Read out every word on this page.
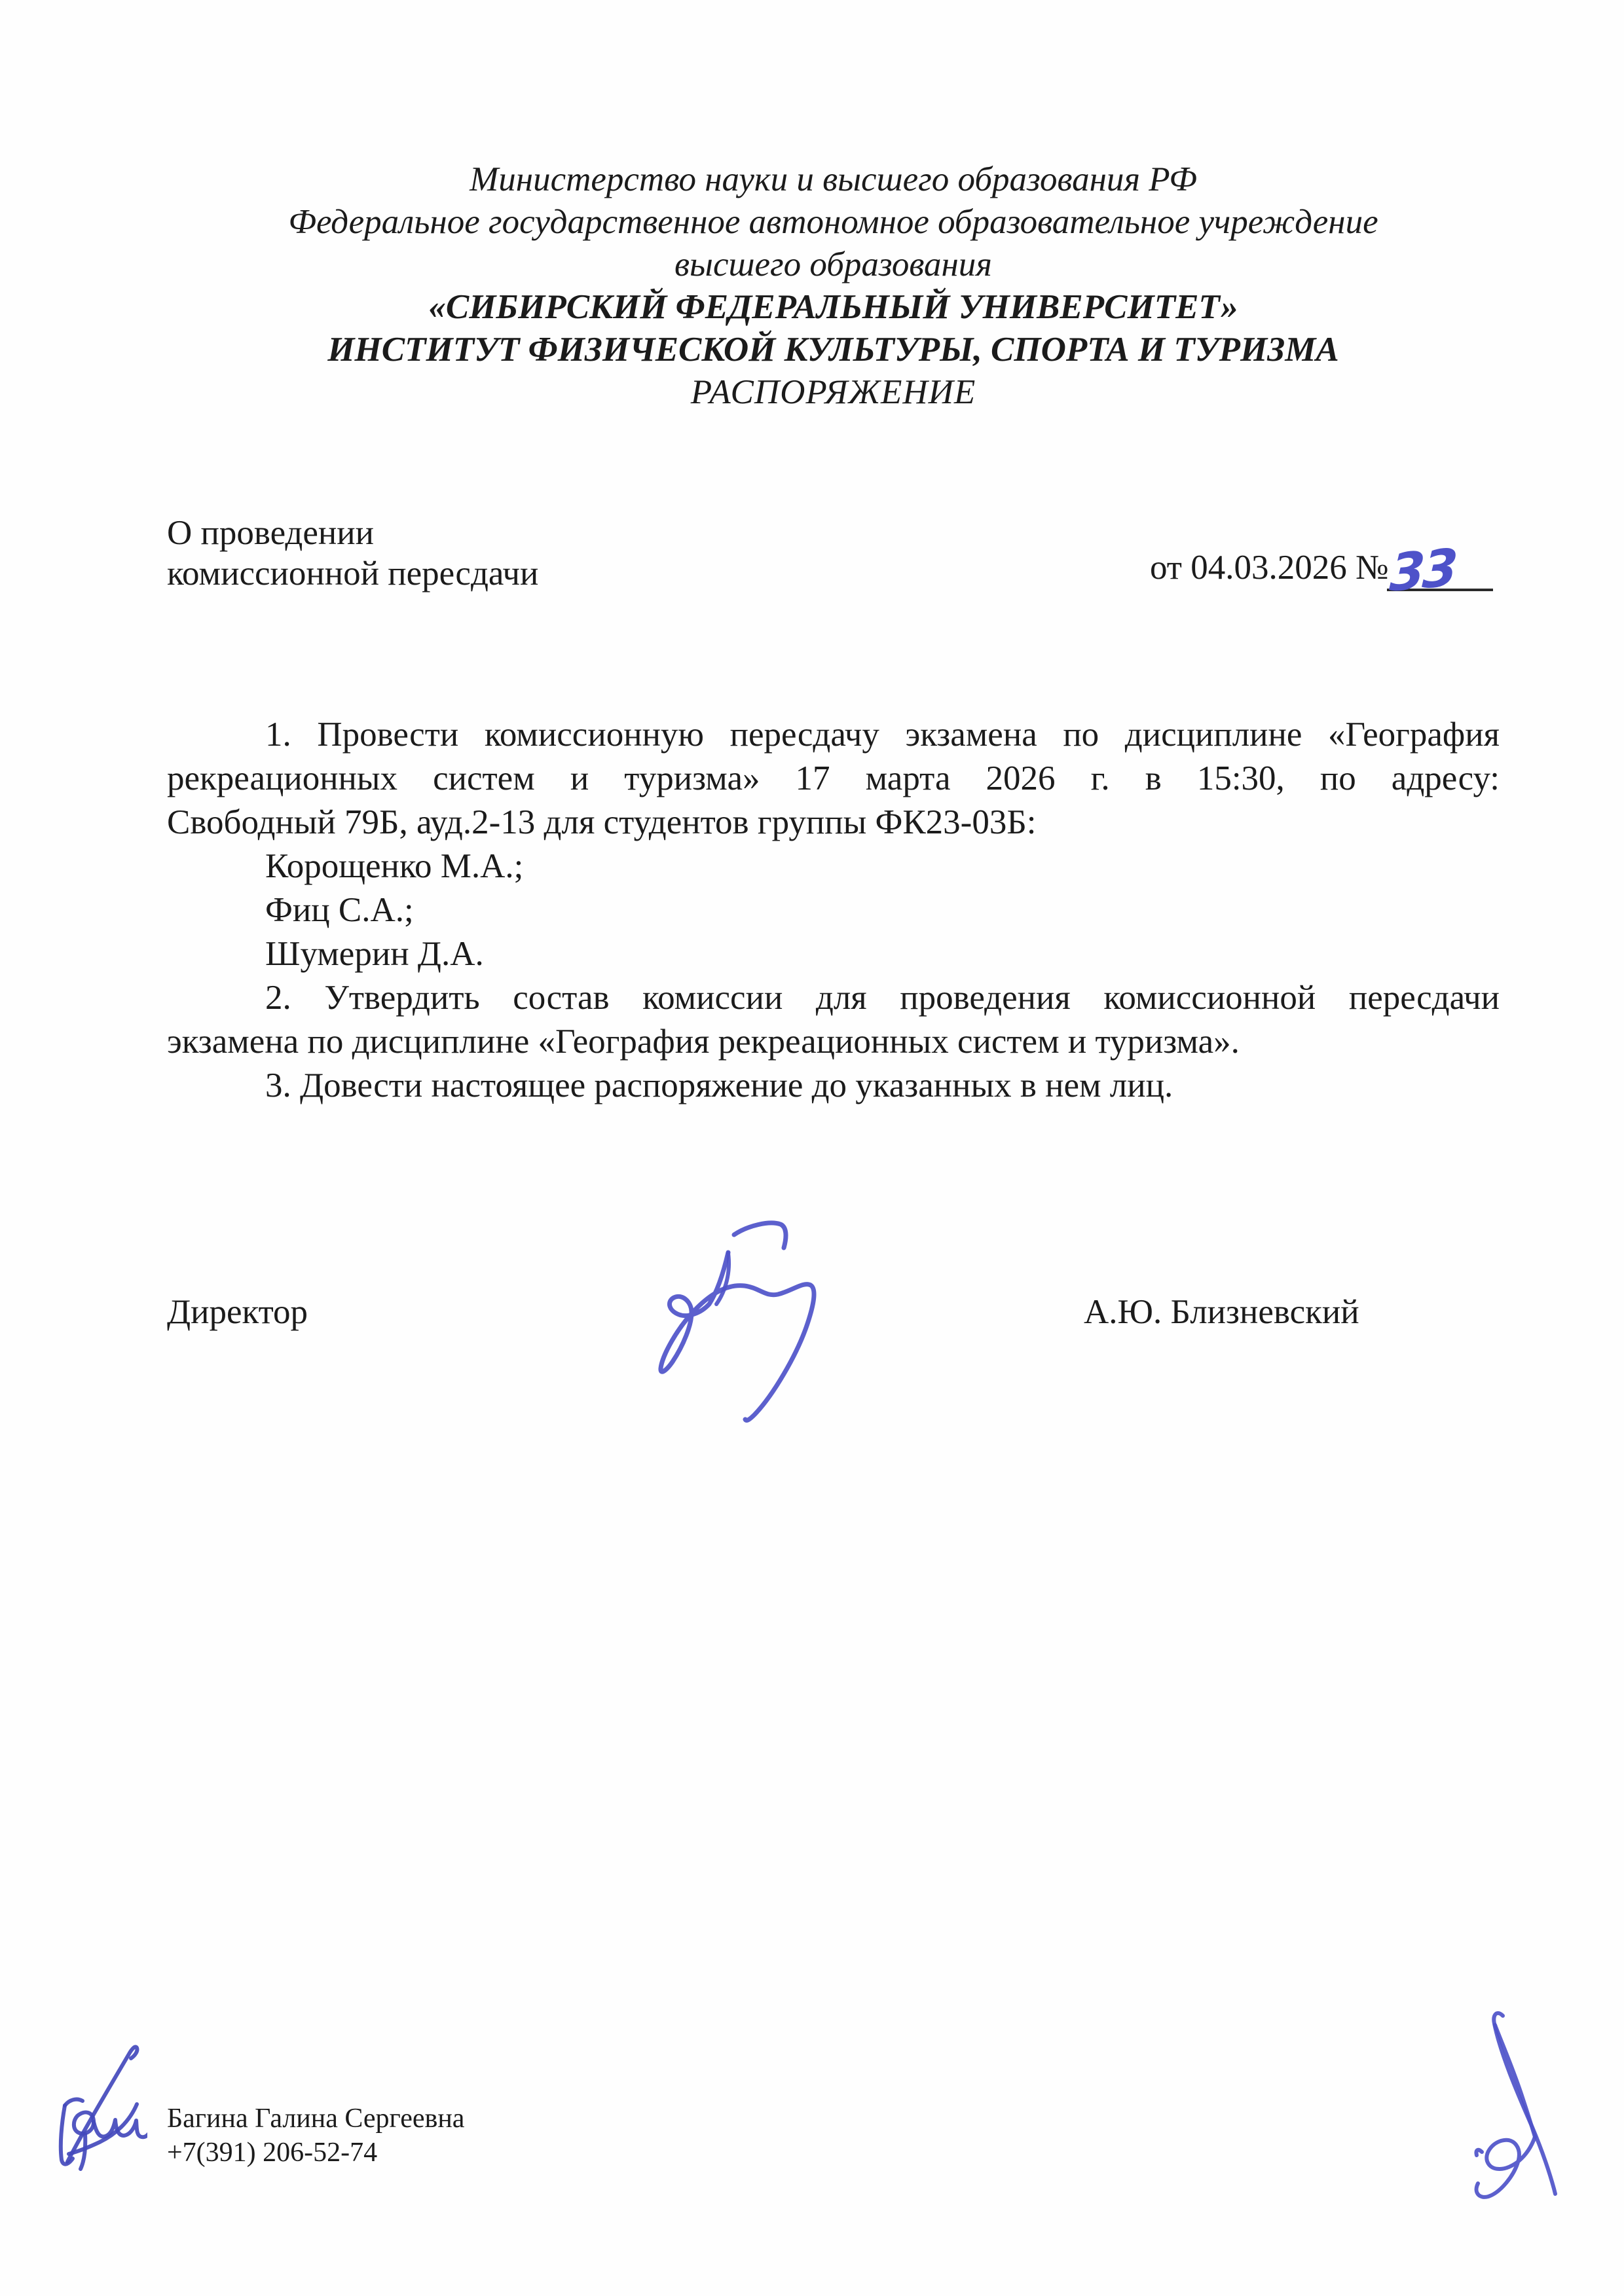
Министерство науки и высшего образования РФ
Федеральное государственное автономное образовательное учреждение
высшего образования
«СИБИРСКИЙ ФЕДЕРАЛЬНЫЙ УНИВЕРСИТЕТ»
ИНСТИТУТ ФИЗИЧЕСКОЙ КУЛЬТУРЫ, СПОРТА И ТУРИЗМА
РАСПОРЯЖЕНИЕ
О проведении
комиссионной пересдачи	от 04.03.2026 № 33
1. Провести комиссионную пересдачу экзамена по дисциплине «География
рекреационных систем и туризма» 17 марта 2026 г. в 15:30, по адресу:
Свободный 79Б, ауд.2-13 для студентов группы ФК23-03Б:
Корощенко М.А.;
Фиц С.А.;
Шумерин Д.А.
2. Утвердить состав комиссии для проведения комиссионной пересдачи
экзамена по дисциплине «География рекреационных систем и туризма».
3. Довести настоящее распоряжение до указанных в нем лиц.
Директор	А.Ю. Близневский
Багина Галина Сергеевна
+7(391) 206-52-74
